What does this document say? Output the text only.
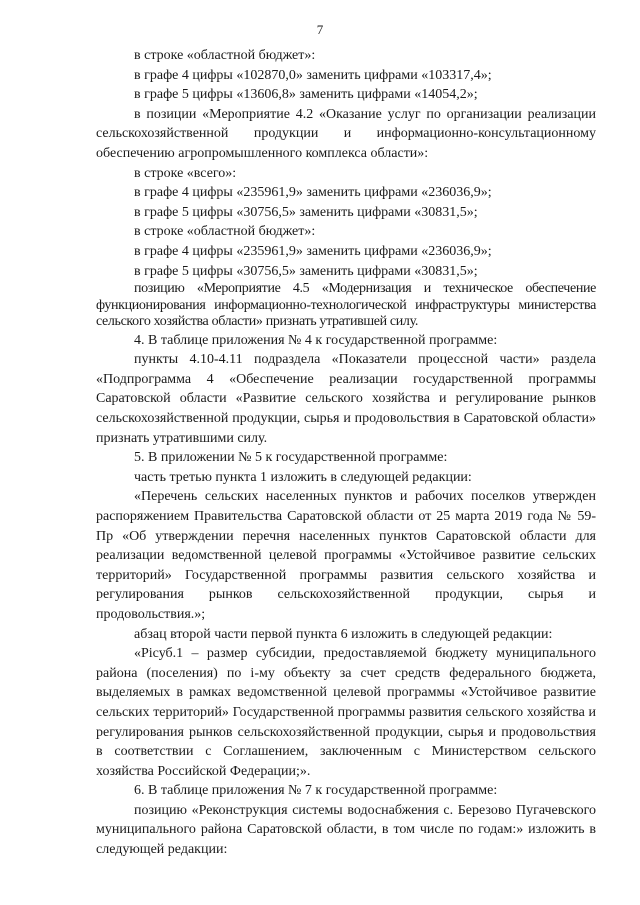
7

в строке «областной бюджет»:

в графе 4 цифры «102870,0» заменить цифрами «103317,4»;

в графе 5 цифры «13606,8» заменить цифрами «14054,2»;

в позиции «Мероприятие 4.2 «Оказание услуг по организации реализации сельскохозяйственной продукции и информационно-консультационному обеспечению агропромышленного комплекса области»:

в строке «всего»:

в графе 4 цифры «235961,9» заменить цифрами «236036,9»;

в графе 5 цифры «30756,5» заменить цифрами «30831,5»;

в строке «областной бюджет»:

в графе 4 цифры «235961,9» заменить цифрами «236036,9»;

в графе 5 цифры «30756,5» заменить цифрами «30831,5»;

позицию «Мероприятие 4.5 «Модернизация и техническое обеспечение функционирования информационно-технологической инфраструктуры министерства сельского хозяйства области» признать утратившей силу.

4. В таблице приложения № 4 к государственной программе:

пункты 4.10-4.11 подраздела «Показатели процессной части» раздела «Подпрограмма 4 «Обеспечение реализации государственной программы Саратовской области «Развитие сельского хозяйства и регулирование рынков сельскохозяйственной продукции, сырья и продовольствия в Саратовской области» признать утратившими силу.

5. В приложении № 5 к государственной программе:

часть третью пункта 1 изложить в следующей редакции:

«Перечень сельских населенных пунктов и рабочих поселков утвержден распоряжением Правительства Саратовской области от 25 марта 2019 года № 59-Пр «Об утверждении перечня населенных пунктов Саратовской области для реализации ведомственной целевой программы «Устойчивое развитие сельских территорий» Государственной программы развития сельского хозяйства и регулирования рынков сельскохозяйственной продукции, сырья и продовольствия.»;

абзац второй части первой пункта 6 изложить в следующей редакции:

«Рiсуб.1 – размер субсидии, предоставляемой бюджету муниципального района (поселения) по i-му объекту за счет средств федерального бюджета, выделяемых в рамках ведомственной целевой программы «Устойчивое развитие сельских территорий» Государственной программы развития сельского хозяйства и регулирования рынков сельскохозяйственной продукции, сырья и продовольствия в соответствии с Соглашением, заключенным с Министерством сельского хозяйства Российской Федерации;».

6. В таблице приложения № 7 к государственной программе:

позицию «Реконструкция системы водоснабжения с. Березово Пугачевского муниципального района Саратовской области, в том числе по годам:» изложить в следующей редакции:
